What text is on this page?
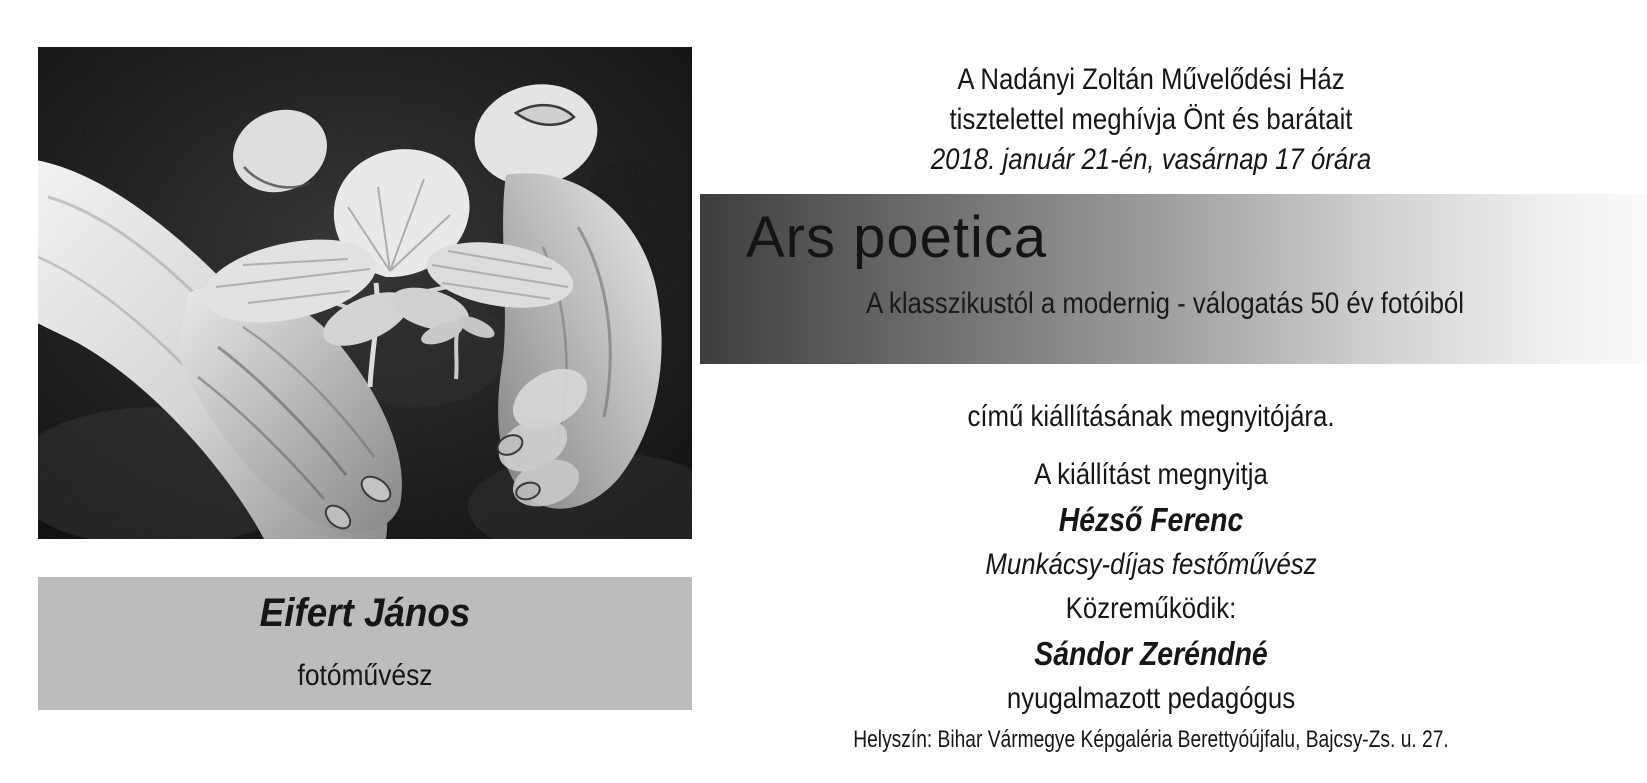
Eifert János
fotóművész
A Nadányi Zoltán Művelődési Ház
tisztelettel meghívja Önt és barátait
2018. január 21-én, vasárnap 17 órára
Ars poetica
A klasszikustól a modernig - válogatás 50 év fotóiból
című kiállításának megnyitójára.
A kiállítást megnyitja
Hézső Ferenc
Munkácsy-díjas festőművész
Közreműködik:
Sándor Zeréndné
nyugalmazott pedagógus
Helyszín: Bihar Vármegye Képgaléria Berettyóújfalu, Bajcsy-Zs. u. 27.
